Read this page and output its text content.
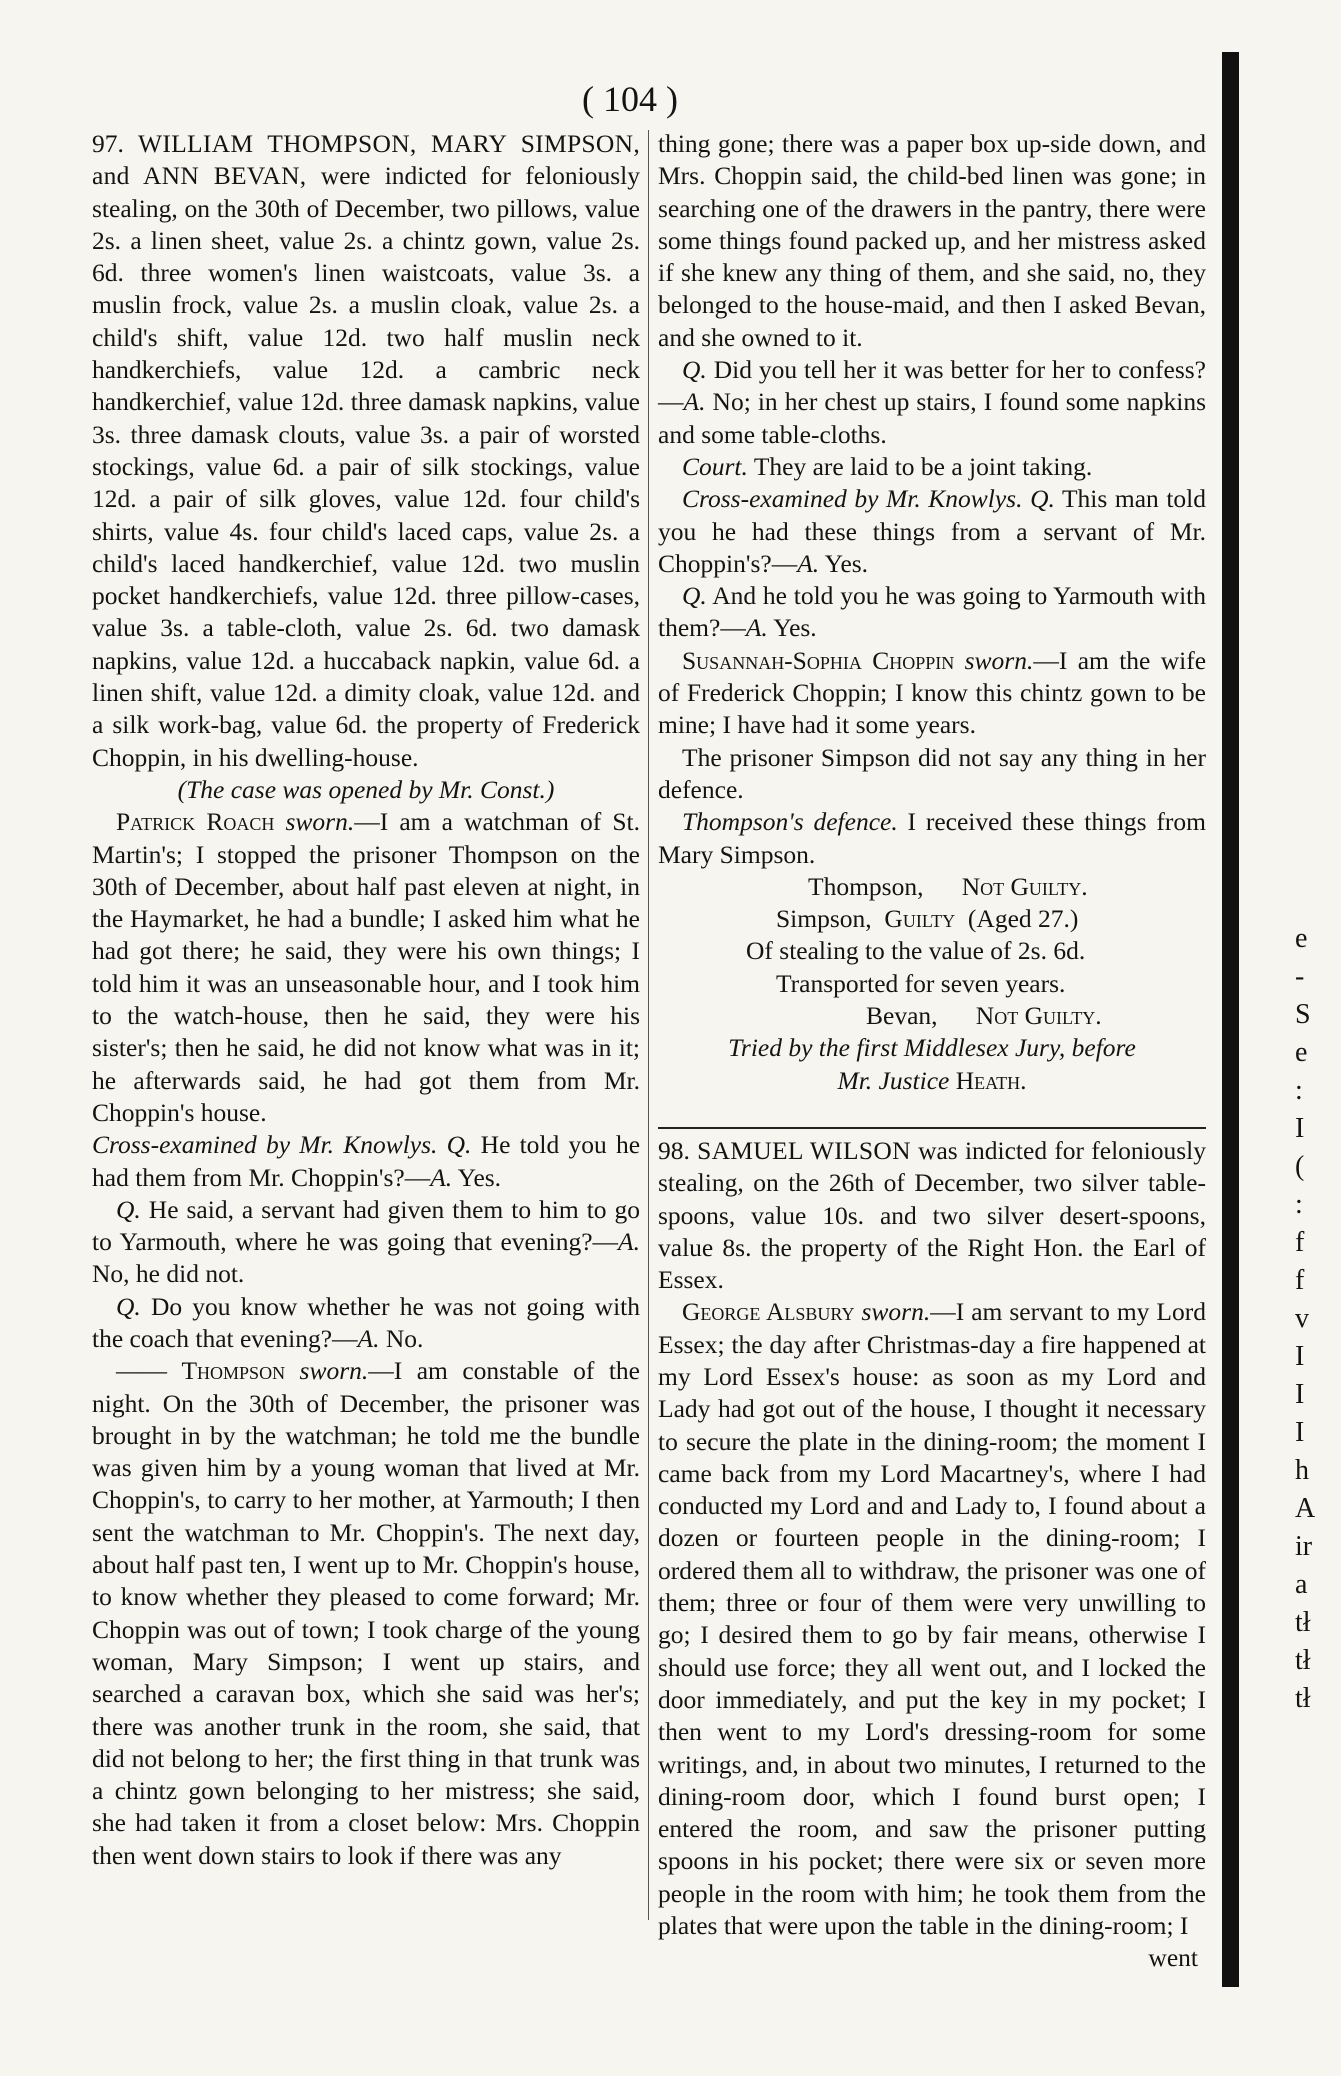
( 104 )

97. WILLIAM THOMPSON, MARY SIMPSON, and ANN BEVAN, were indicted for feloniously stealing, on the 30th of December, two pillows, value 2s. a linen sheet, value 2s. a chintz gown, value 2s. 6d. three women's linen waistcoats, value 3s. a muslin frock, value 2s. a muslin cloak, value 2s. a child's shift, value 12d. two half muslin neck handkerchiefs, value 12d. a cambric neck handkerchief, value 12d. three damask napkins, value 3s. three damask clouts, value 3s. a pair of worsted stockings, value 6d. a pair of silk stockings, value 12d. a pair of silk gloves, value 12d. four child's shirts, value 4s. four child's laced caps, value 2s. a child's laced handkerchief, value 12d. two muslin pocket handkerchiefs, value 12d. three pillow-cases, value 3s. a table-cloth, value 2s. 6d. two damask napkins, value 12d. a huccaback napkin, value 6d. a linen shift, value 12d. a dimity cloak, value 12d. and a silk work-bag, value 6d. the property of Frederick Choppin, in his dwelling-house.

(The case was opened by Mr. Const.)

Patrick Roach sworn.—I am a watchman of St. Martin's; I stopped the prisoner Thompson on the 30th of December, about half past eleven at night, in the Haymarket, he had a bundle; I asked him what he had got there; he said, they were his own things; I told him it was an unseasonable hour, and I took him to the watch-house, then he said, they were his sister's; then he said, he did not know what was in it; he afterwards said, he had got them from Mr. Choppin's house.

Cross-examined by Mr. Knowlys. Q. He told you he had them from Mr. Choppin's?—A. Yes.

Q. He said, a servant had given them to him to go to Yarmouth, where he was going that evening?—A. No, he did not.

Q. Do you know whether he was not going with the coach that evening?—A. No.

—— Thompson sworn.—I am constable of the night. On the 30th of December, the prisoner was brought in by the watchman; he told me the bundle was given him by a young woman that lived at Mr. Choppin's, to carry to her mother, at Yarmouth; I then sent the watchman to Mr. Choppin's. The next day, about half past ten, I went up to Mr. Choppin's house, to know whether they pleased to come forward; Mr. Choppin was out of town; I took charge of the young woman, Mary Simpson; I went up stairs, and searched a caravan box, which she said was her's; there was another trunk in the room, she said, that did not belong to her; the first thing in that trunk was a chintz gown belonging to her mistress; she said, she had taken it from a closet below: Mrs. Choppin then went down stairs to look if there was any

thing gone; there was a paper box up-side down, and Mrs. Choppin said, the child-bed linen was gone; in searching one of the drawers in the pantry, there were some things found packed up, and her mistress asked if she knew any thing of them, and she said, no, they belonged to the house-maid, and then I asked Bevan, and she owned to it.

Q. Did you tell her it was better for her to confess?—A. No; in her chest up stairs, I found some napkins and some table-cloths.

Court. They are laid to be a joint taking.

Cross-examined by Mr. Knowlys. Q. This man told you he had these things from a servant of Mr. Choppin's?—A. Yes.

Q. And he told you he was going to Yarmouth with them?—A. Yes.

Susannah-Sophia Choppin sworn.—I am the wife of Frederick Choppin; I know this chintz gown to be mine; I have had it some years.

The prisoner Simpson did not say any thing in her defence.

Thompson's defence. I received these things from Mary Simpson.

Thompson, Not Guilty.
Simpson, Guilty (Aged 27.)
Of stealing to the value of 2s. 6d.
Transported for seven years.
Bevan, Not Guilty.
Tried by the first Middlesex Jury, before
Mr. Justice Heath.

98. SAMUEL WILSON was indicted for feloniously stealing, on the 26th of December, two silver table-spoons, value 10s. and two silver desert-spoons, value 8s. the property of the Right Hon. the Earl of Essex.

George Alsbury sworn.—I am servant to my Lord Essex; the day after Christmas-day a fire happened at my Lord Essex's house: as soon as my Lord and Lady had got out of the house, I thought it necessary to secure the plate in the dining-room; the moment I came back from my Lord Macartney's, where I had conducted my Lord and and Lady to, I found about a dozen or fourteen people in the dining-room; I ordered them all to withdraw, the prisoner was one of them; three or four of them were very unwilling to go; I desired them to go by fair means, otherwise I should use force; they all went out, and I locked the door immediately, and put the key in my pocket; I then went to my Lord's dressing-room for some writings, and, in about two minutes, I returned to the dining-room door, which I found burst open; I entered the room, and saw the prisoner putting spoons in his pocket; there were six or seven more people in the room with him; he took them from the plates that were upon the table in the dining-room; I

went
e
-
S
e
:
I
(
:
f
f
v
I
I
I
h
A
ir
a
tł
tł
tł
